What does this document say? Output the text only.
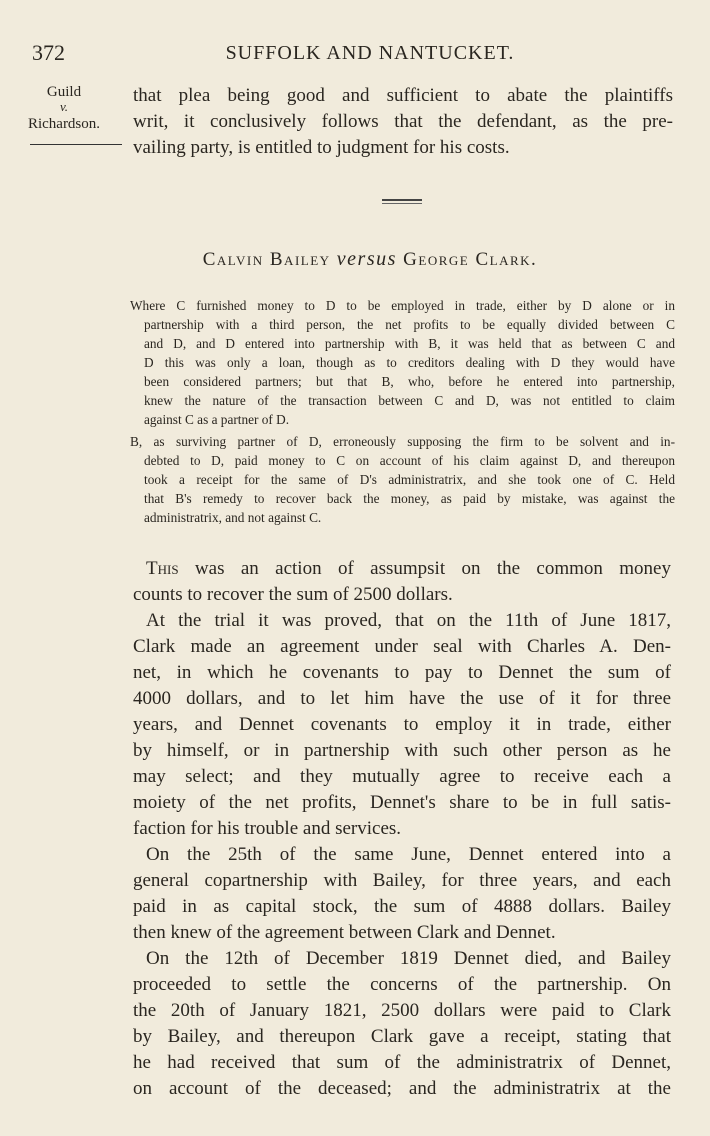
372	SUFFOLK AND NANTUCKET.
Guild
v.
Richardson.
that plea being good and sufficient to abate the plaintiffs
writ, it conclusively follows that the defendant, as the pre-
vailing party, is entitled to judgment for his costs.
Calvin Bailey versus George Clark.
Where C furnished money to D to be employed in trade, either by D alone or in
partnership with a third person, the net profits to be equally divided between C
and D, and D entered into partnership with B, it was held that as between C and
D this was only a loan, though as to creditors dealing with D they would have
been considered partners; but that B, who, before he entered into partnership,
knew the nature of the transaction between C and D, was not entitled to claim
against C as a partner of D.
B, as surviving partner of D, erroneously supposing the firm to be solvent and in-
debted to D, paid money to C on account of his claim against D, and thereupon
took a receipt for the same of D's administratrix, and she took one of C. Held
that B's remedy to recover back the money, as paid by mistake, was against the
administratrix, and not against C.
This was an action of assumpsit on the common money
counts to recover the sum of 2500 dollars.
At the trial it was proved, that on the 11th of June 1817,
Clark made an agreement under seal with Charles A. Den-
net, in which he covenants to pay to Dennet the sum of
4000 dollars, and to let him have the use of it for three
years, and Dennet covenants to employ it in trade, either
by himself, or in partnership with such other person as he
may select; and they mutually agree to receive each a
moiety of the net profits, Dennet's share to be in full satis-
faction for his trouble and services.
On the 25th of the same June, Dennet entered into a
general copartnership with Bailey, for three years, and each
paid in as capital stock, the sum of 4888 dollars. Bailey
then knew of the agreement between Clark and Dennet.
On the 12th of December 1819 Dennet died, and Bailey
proceeded to settle the concerns of the partnership. On
the 20th of January 1821, 2500 dollars were paid to Clark
by Bailey, and thereupon Clark gave a receipt, stating that
he had received that sum of the administratrix of Dennet,
on account of the deceased; and the administratrix at the
